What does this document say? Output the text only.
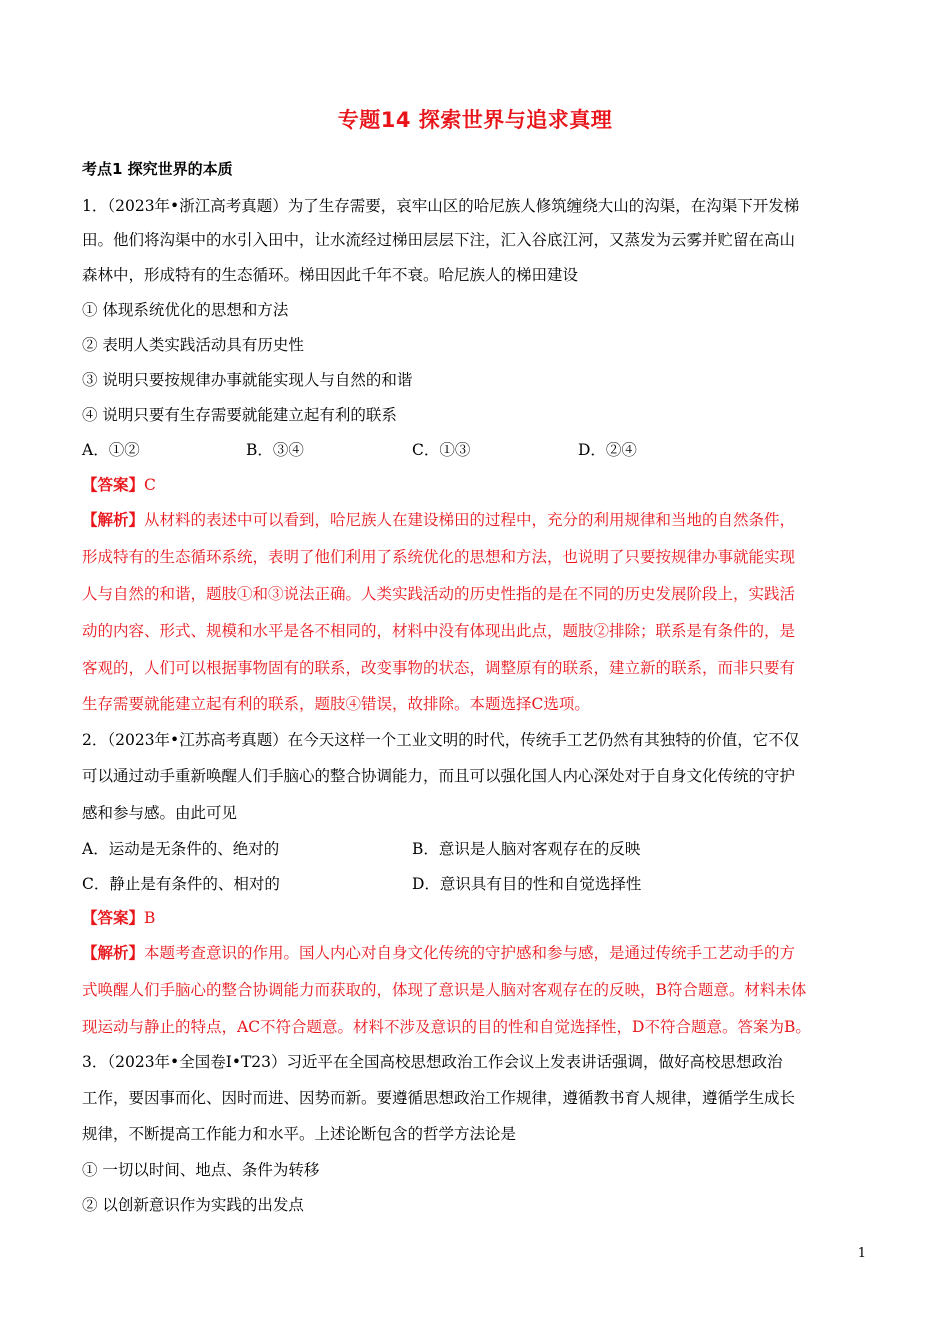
专题14 探索世界与追求真理
考点1 探究世界的本质
1．（2023年•浙江高考真题）为了生存需要，哀牢山区的哈尼族人修筑缠绕大山的沟渠，在沟渠下开发梯
田。他们将沟渠中的水引入田中，让水流经过梯田层层下注，汇入谷底江河，又蒸发为云雾并贮留在高山
森林中，形成特有的生态循环。梯田因此千年不衰。哈尼族人的梯田建设
① 体现系统优化的思想和方法
② 表明人类实践活动具有历史性
③ 说明只要按规律办事就能实现人与自然的和谐
④ 说明只要有生存需要就能建立起有利的联系
A．①②	B．③④	C．①③	D．②④
【答案】C
【解析】从材料的表述中可以看到，哈尼族人在建设梯田的过程中，充分的利用规律和当地的自然条件，
形成特有的生态循环系统，表明了他们利用了系统优化的思想和方法，也说明了只要按规律办事就能实现
人与自然的和谐，题肢①和③说法正确。人类实践活动的历史性指的是在不同的历史发展阶段上，实践活
动的内容、形式、规模和水平是各不相同的，材料中没有体现出此点，题肢②排除；联系是有条件的，是
客观的，人们可以根据事物固有的联系，改变事物的状态，调整原有的联系，建立新的联系，而非只要有
生存需要就能建立起有利的联系，题肢④错误，故排除。本题选择C选项。
2．（2023年•江苏高考真题）在今天这样一个工业文明的时代，传统手工艺仍然有其独特的价值，它不仅
可以通过动手重新唤醒人们手脑心的整合协调能力，而且可以强化国人内心深处对于自身文化传统的守护
感和参与感。由此可见
A．运动是无条件的、绝对的	B．意识是人脑对客观存在的反映
C．静止是有条件的、相对的	D．意识具有目的性和自觉选择性
【答案】B
【解析】本题考查意识的作用。国人内心对自身文化传统的守护感和参与感，是通过传统手工艺动手的方
式唤醒人们手脑心的整合协调能力而获取的，体现了意识是人脑对客观存在的反映，B符合题意。材料未体
现运动与静止的特点，AC不符合题意。材料不涉及意识的目的性和自觉选择性，D不符合题意。答案为B。
3．（2023年•全国卷Ⅰ•T23）习近平在全国高校思想政治工作会议上发表讲话强调，做好高校思想政治
工作，要因事而化、因时而进、因势而新。要遵循思想政治工作规律，遵循教书育人规律，遵循学生成长
规律，不断提高工作能力和水平。上述论断包含的哲学方法论是
① 一切以时间、地点、条件为转移
② 以创新意识作为实践的出发点
1
